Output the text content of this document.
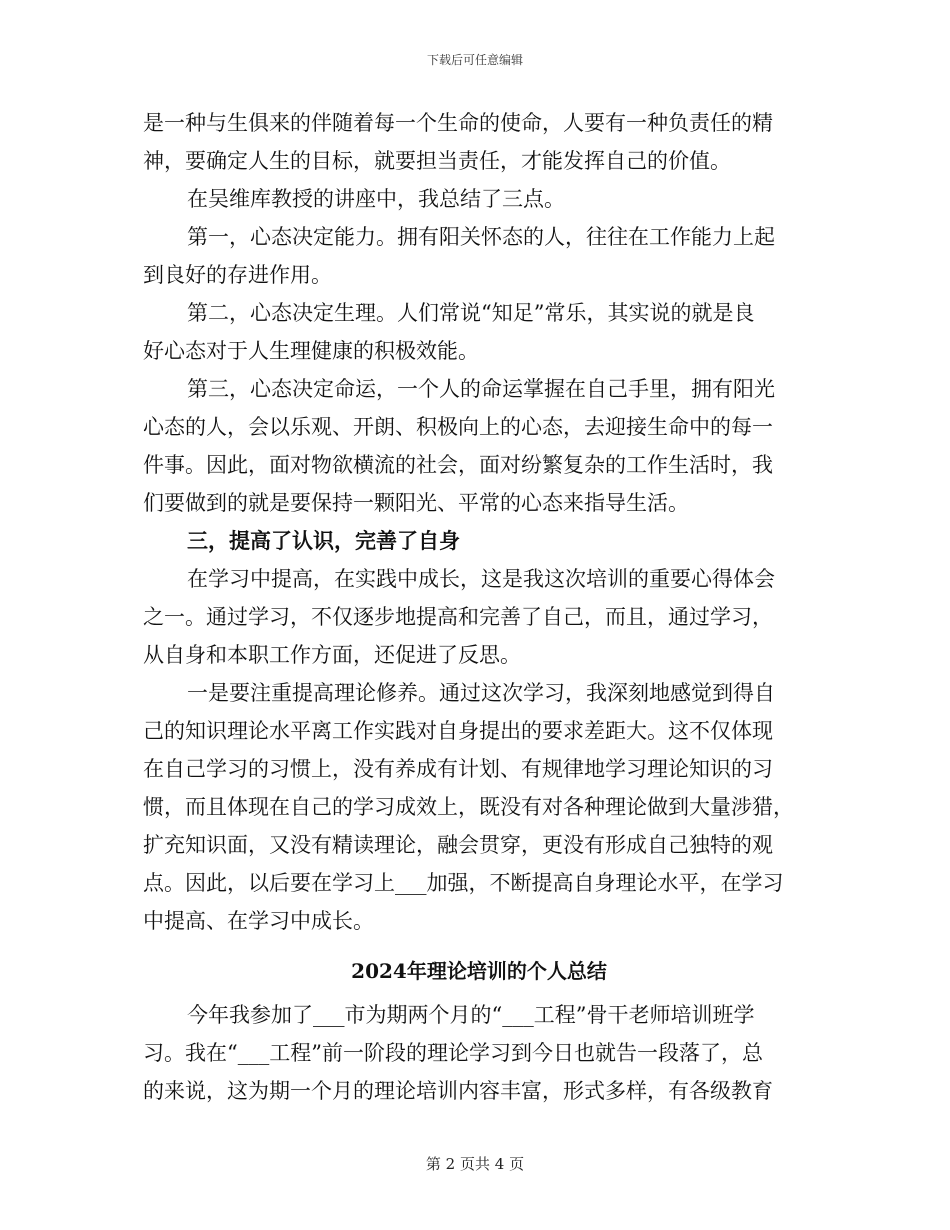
下载后可任意编辑
是一种与生俱来的伴随着每一个生命的使命，人要有一种负责任的精
神，要确定人生的目标，就要担当责任，才能发挥自己的价值。
在吴维库教授的讲座中，我总结了三点。
第一，心态决定能力。拥有阳关怀态的人，往往在工作能力上起
到良好的存进作用。
第二，心态决定生理。人们常说“知足”常乐，其实说的就是良
好心态对于人生理健康的积极效能。
第三，心态决定命运，一个人的命运掌握在自己手里，拥有阳光
心态的人，会以乐观、开朗、积极向上的心态，去迎接生命中的每一
件事。因此，面对物欲横流的社会，面对纷繁复杂的工作生活时，我
们要做到的就是要保持一颗阳光、平常的心态来指导生活。
三，提高了认识，完善了自身
在学习中提高，在实践中成长，这是我这次培训的重要心得体会
之一。通过学习，不仅逐步地提高和完善了自己，而且，通过学习，
从自身和本职工作方面，还促进了反思。
一是要注重提高理论修养。通过这次学习，我深刻地感觉到得自
己的知识理论水平离工作实践对自身提出的要求差距大。这不仅体现
在自己学习的习惯上，没有养成有计划、有规律地学习理论知识的习
惯，而且体现在自己的学习成效上，既没有对各种理论做到大量涉猎，
扩充知识面，又没有精读理论，融会贯穿，更没有形成自己独特的观
点。因此，以后要在学习上___加强，不断提高自身理论水平，在学习
中提高、在学习中成长。
2024年理论培训的个人总结
今年我参加了___市为期两个月的“___工程”骨干老师培训班学
习。我在“___工程”前一阶段的理论学习到今日也就告一段落了，总
的来说，这为期一个月的理论培训内容丰富，形式多样，有各级教育
第 2 页共 4 页
